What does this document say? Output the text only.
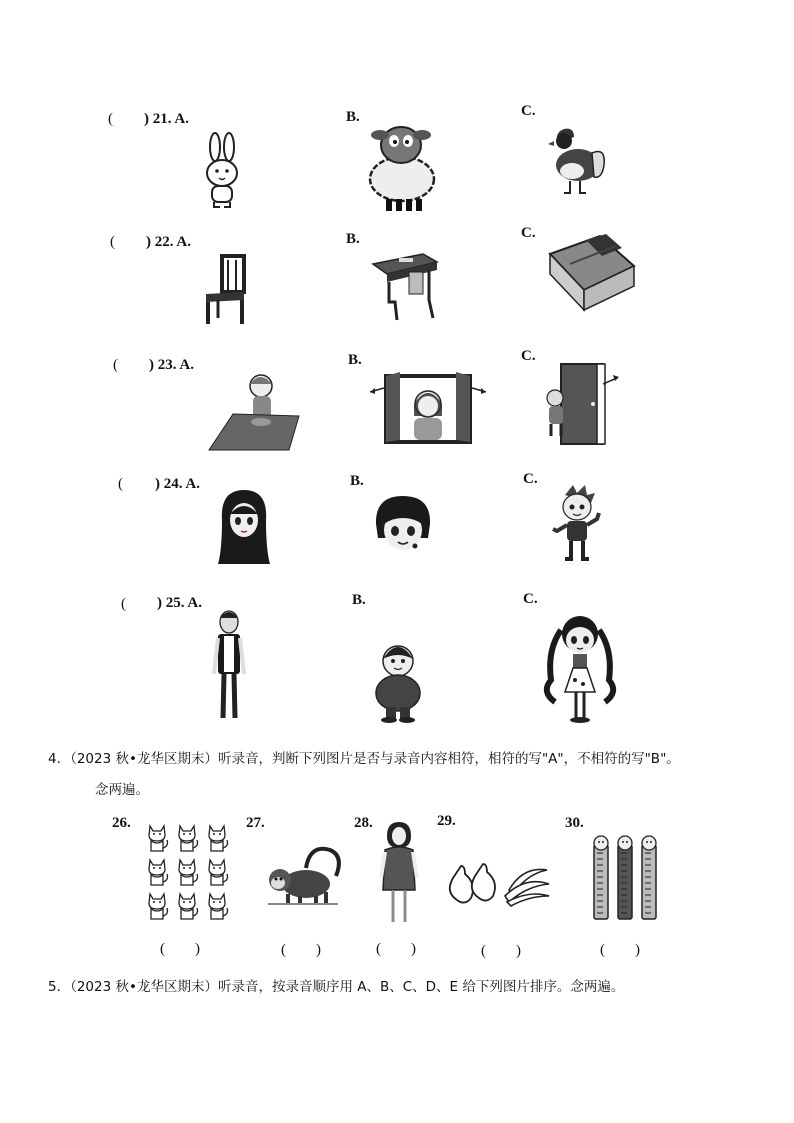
( ) 21. A.	B.	C.
( ) 22. A.	B.	C.
( ) 23. A.	B.	C.
( ) 24. A.	B.	C.
( ) 25. A.	B.	C.
4．（2023 秋•龙华区期末）听录音，判断下列图片是否与录音内容相符，相符的写"A"，不相符的写"B"。
念两遍。
26.	27.	28.	29.	30.
(　　)	(　　)	(　　)	(　　)	(　　)
5．（2023 秋•龙华区期末）听录音，按录音顺序用 A、B、C、D、E 给下列图片排序。念两遍。
